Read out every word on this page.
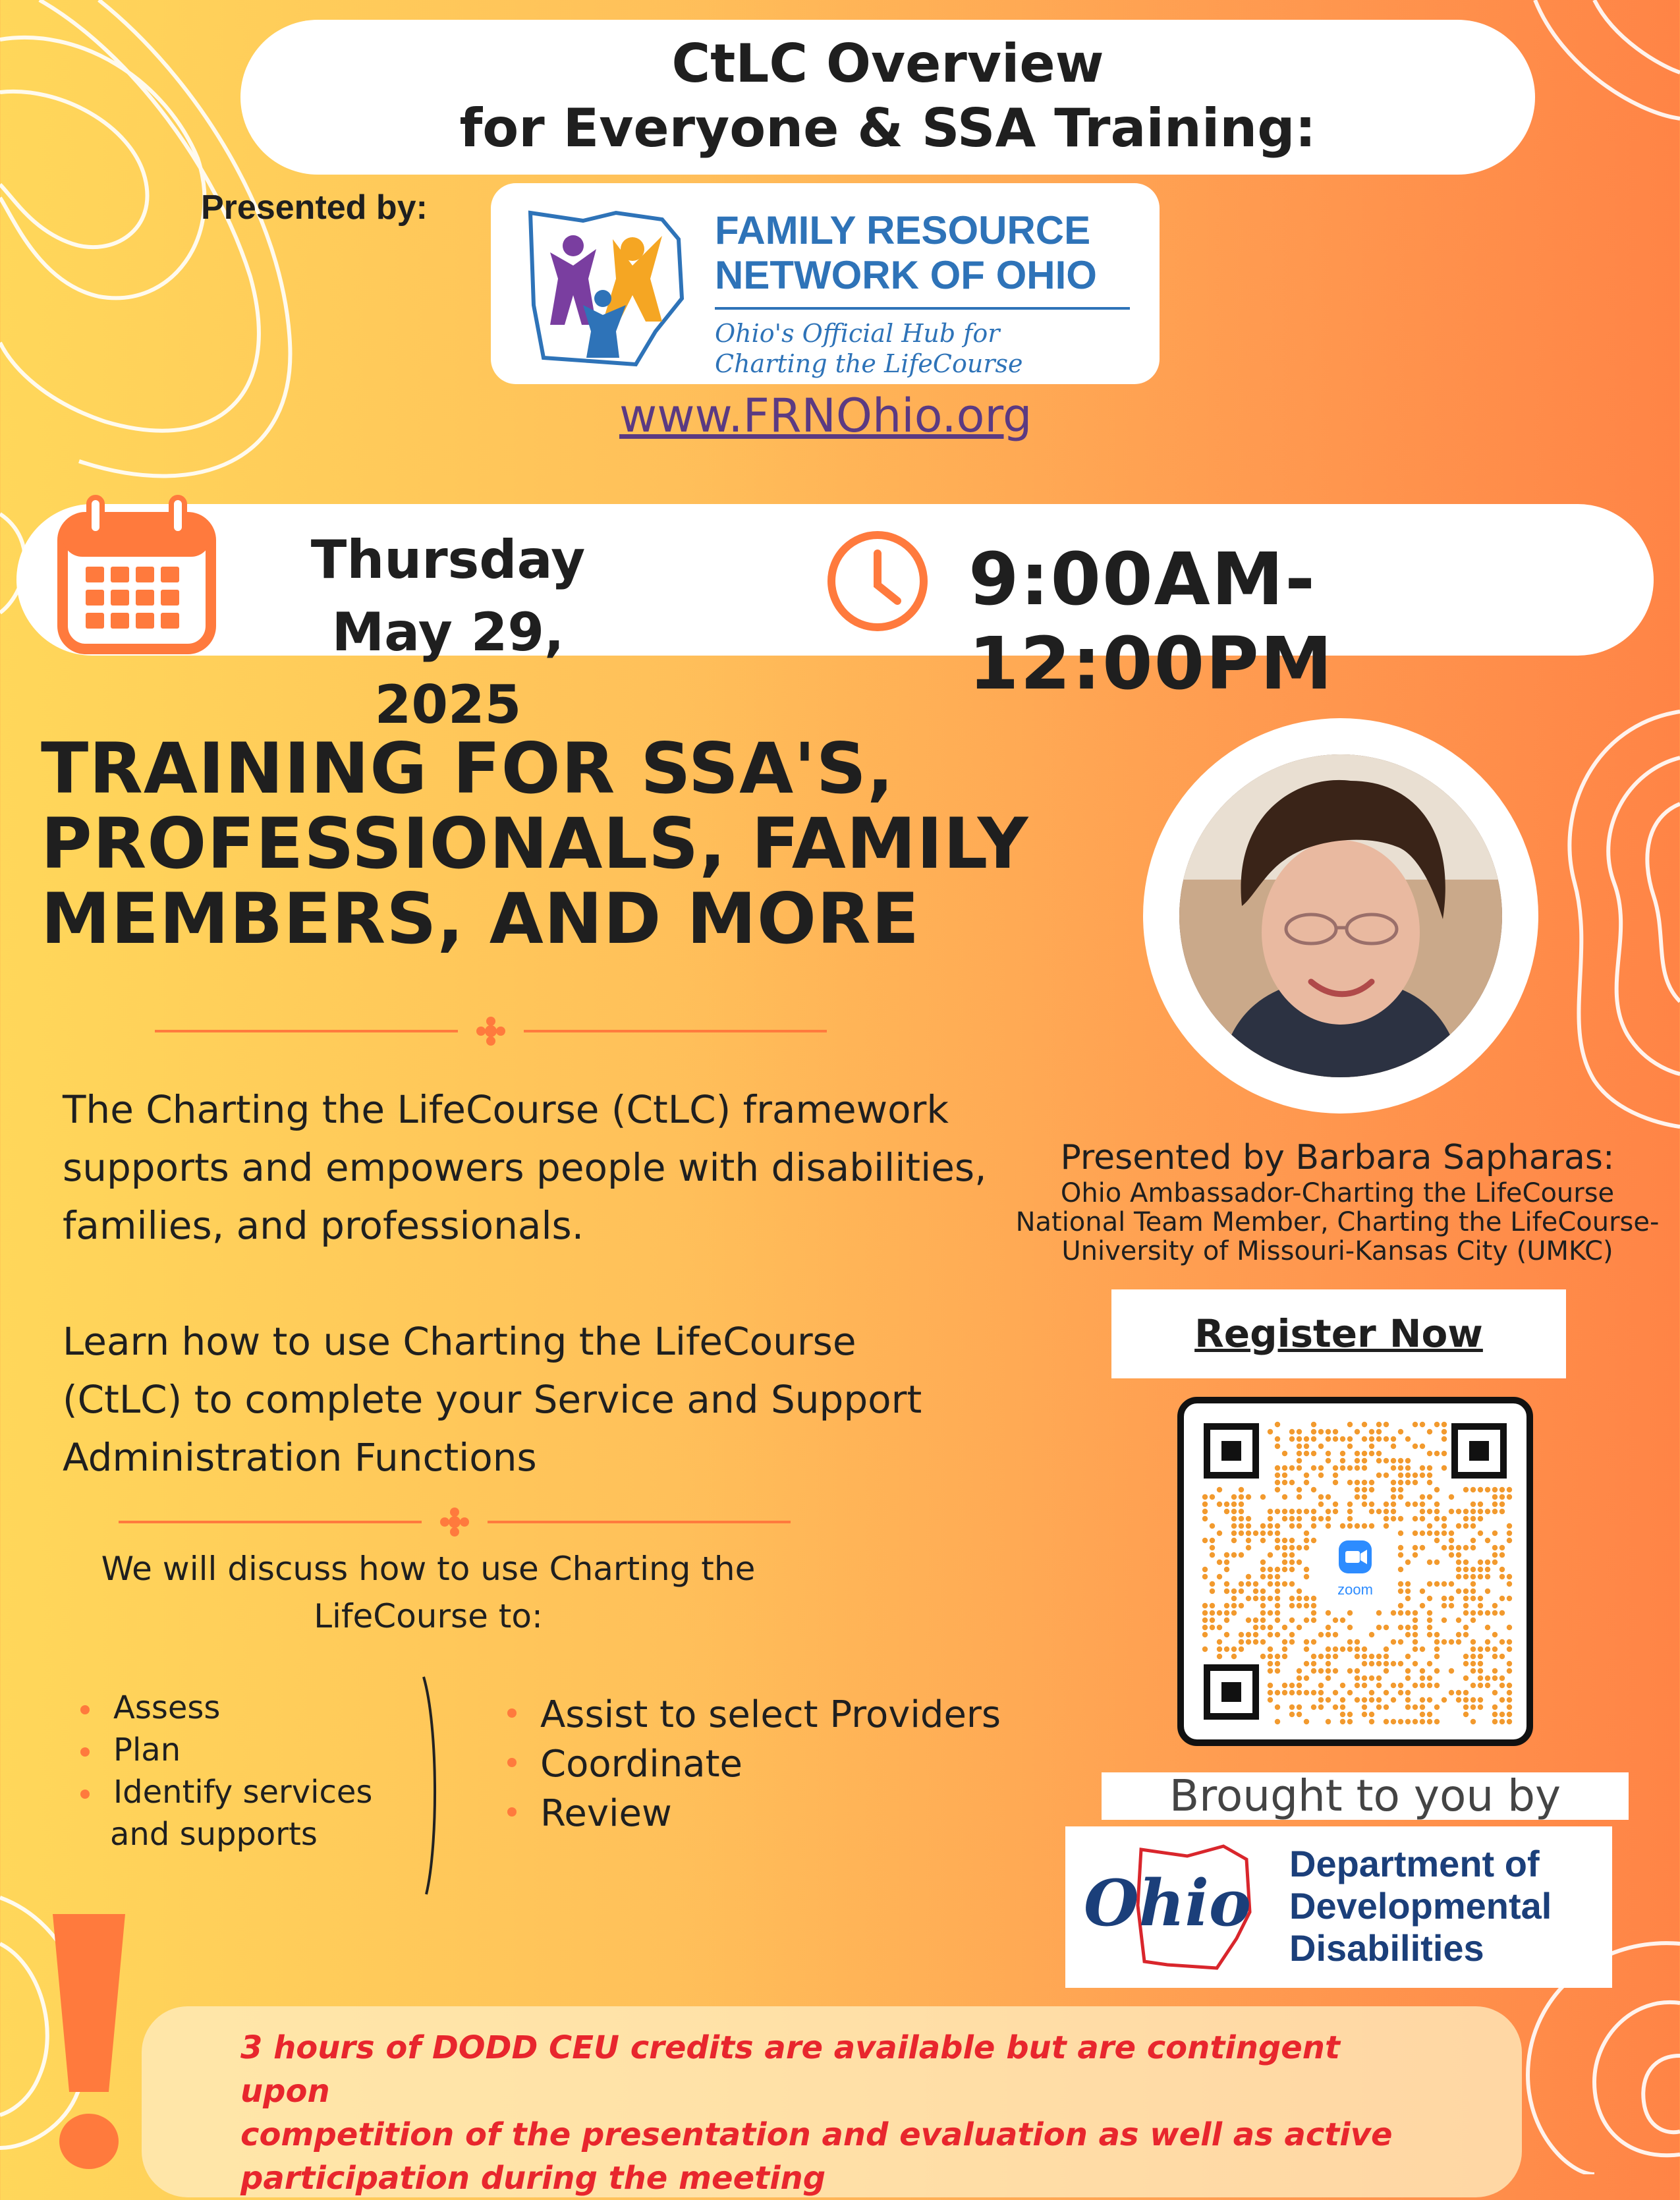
CtLC Overview
for Everyone & SSA Training:
Presented by:
FAMILY RESOURCE
NETWORK OF OHIO
Ohio's Official Hub for
Charting the LifeCourse
www.FRNOhio.org
Thursday
May 29, 2025
9:00AM-12:00PM
TRAINING FOR SSA'S,
PROFESSIONALS, FAMILY
MEMBERS, AND MORE
The Charting the LifeCourse (CtLC) framework
supports and empowers people with disabilities,
families, and professionals.
Learn how to use Charting the LifeCourse
(CtLC) to complete your Service and Support
Administration Functions
We will discuss how to use Charting the
LifeCourse to:
Assess
Plan
Identify services
and supports
Assist to select Providers
Coordinate
Review
Presented by Barbara Sapharas:
Ohio Ambassador-Charting the LifeCourse
National Team Member, Charting the LifeCourse-
University of Missouri-Kansas City (UMKC)
Register Now
zoom
Brought to you by
Ohio
Department of
Developmental
Disabilities
3 hours of DODD CEU credits are available but are contingent upon
competition of the presentation and evaluation as well as active
participation during the meeting
